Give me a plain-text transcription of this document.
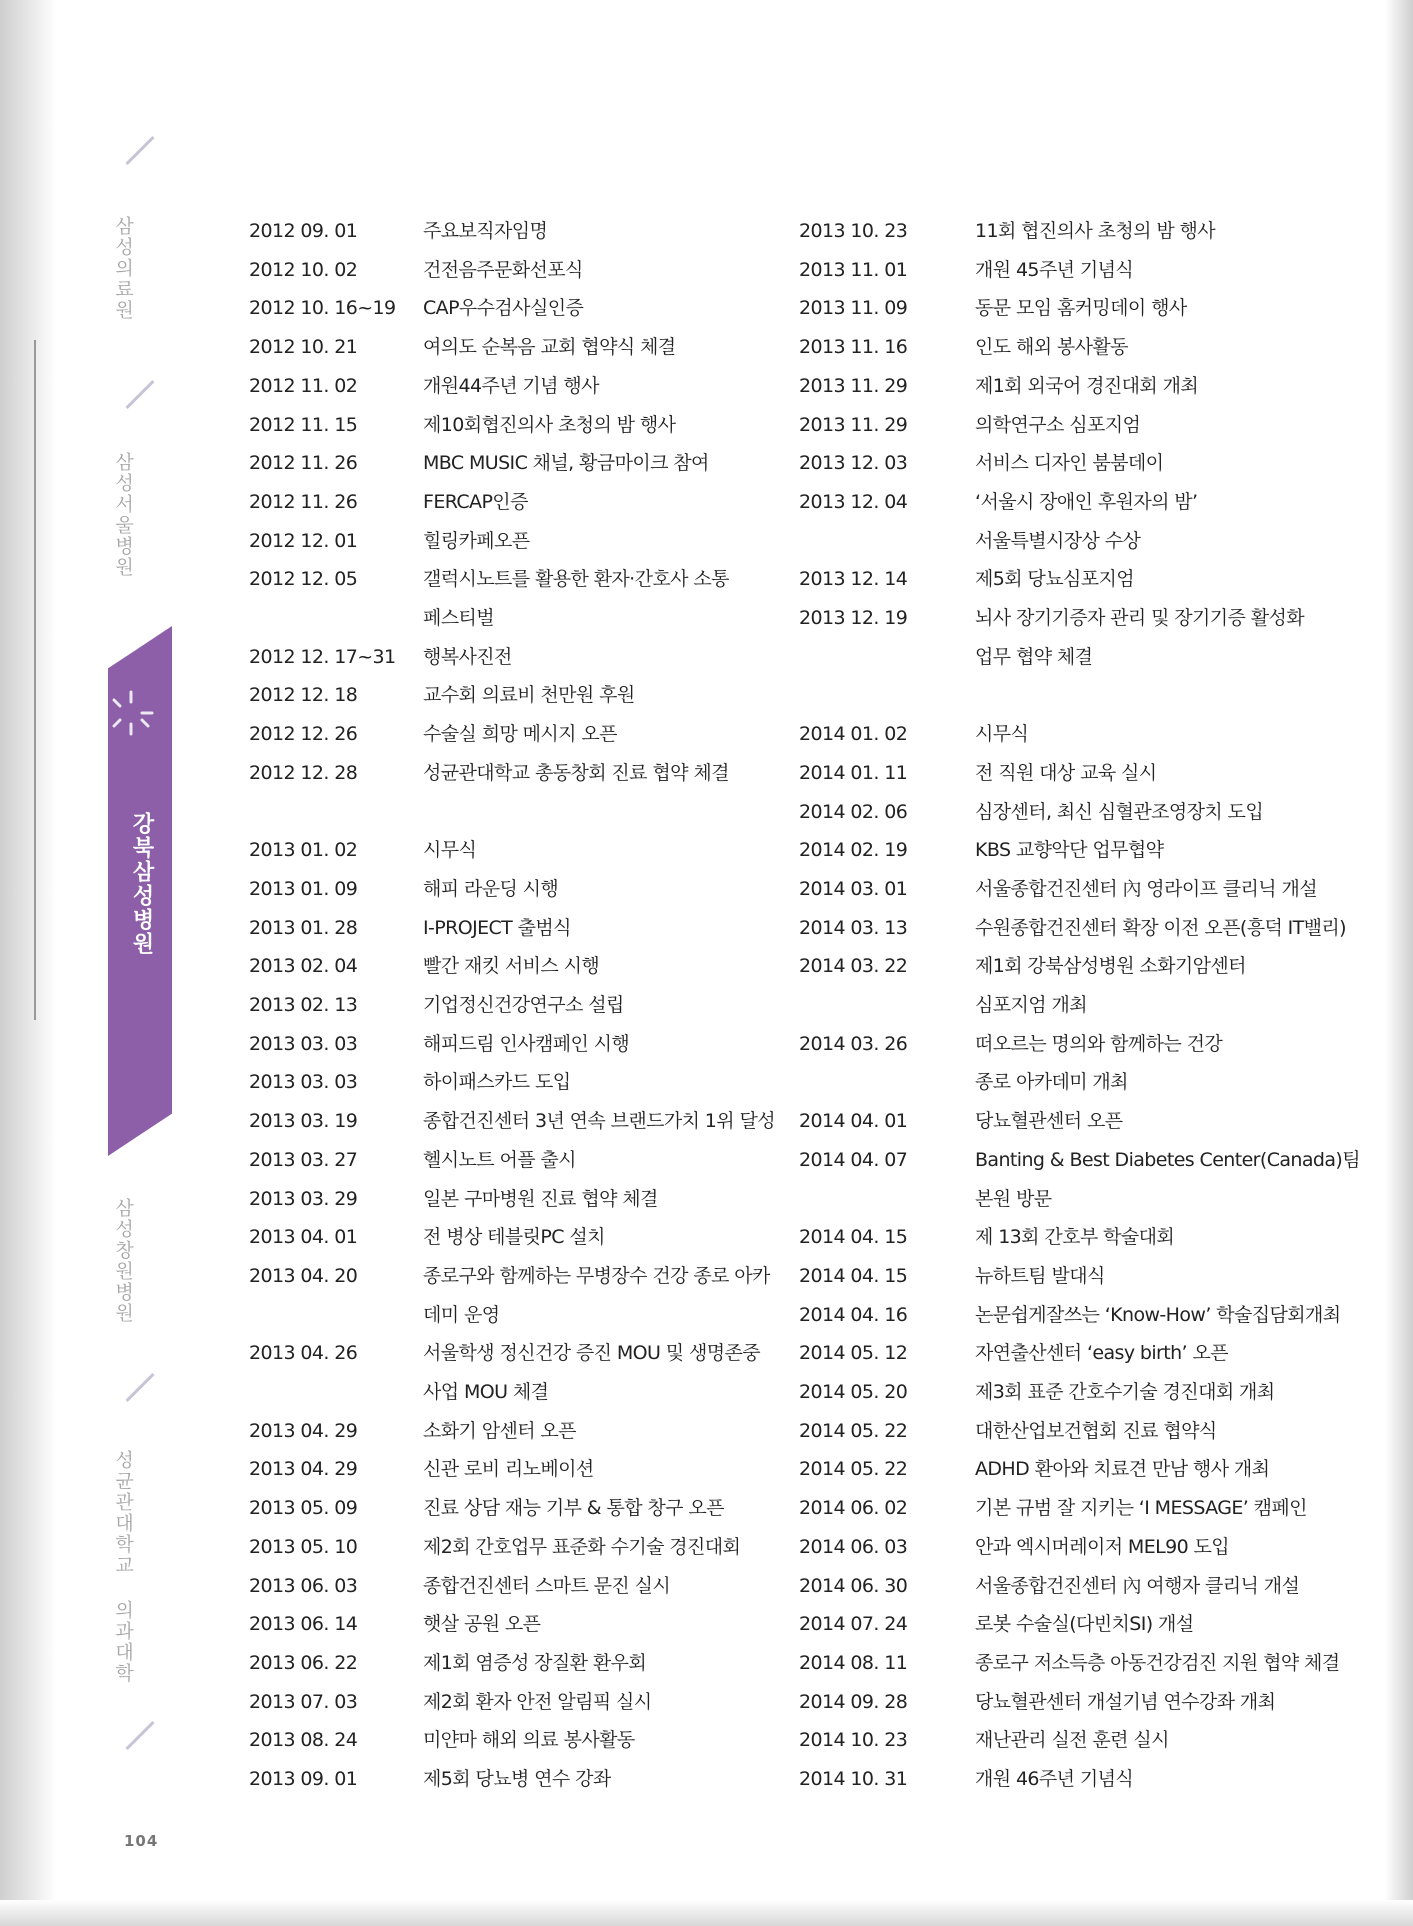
삼성의료원
삼성서울병원
강북삼성병원
삼성창원병원
성균관대학교 의과대학
104
2012 09. 01	주요보직자임명
2012 10. 02	건전음주문화선포식
2012 10. 16~19 CAP우수검사실인증
2012 10. 21	여의도 순복음 교회 협약식 체결
2012 11. 02	개원44주년 기념 행사
2012 11. 15	제10회협진의사 초청의 밤 행사
2012 11. 26	MBC MUSIC 채널, 황금마이크 참여
2012 11. 26	FERCAP인증
2012 12. 01	힐링카페오픈
2012 12. 05	갤럭시노트를 활용한 환자·간호사 소통
페스티벌
2012 12. 17~31 행복사진전
2012 12. 18	교수회 의료비 천만원 후원
2012 12. 26	수술실 희망 메시지 오픈
2012 12. 28	성균관대학교 총동창회 진료 협약 체결
2013 01. 02	시무식
2013 01. 09	해피 라운딩 시행
2013 01. 28	I-PROJECT 출범식
2013 02. 04	빨간 재킷 서비스 시행
2013 02. 13	기업정신건강연구소 설립
2013 03. 03	해피드림 인사캠페인 시행
2013 03. 03	하이패스카드 도입
2013 03. 19	종합건진센터 3년 연속 브랜드가치 1위 달성
2013 03. 27	헬시노트 어플 출시
2013 03. 29	일본 구마병원 진료 협약 체결
2013 04. 01	전 병상 테블릿PC 설치
2013 04. 20	종로구와 함께하는 무병장수 건강 종로 아카
데미 운영
2013 04. 26	서울학생 정신건강 증진 MOU 및 생명존중
사업 MOU 체결
2013 04. 29	소화기 암센터 오픈
2013 04. 29	신관 로비 리노베이션
2013 05. 09	진료 상담 재능 기부 & 통합 창구 오픈
2013 05. 10	제2회 간호업무 표준화 수기술 경진대회
2013 06. 03	종합건진센터 스마트 문진 실시
2013 06. 14	햇살 공원 오픈
2013 06. 22	제1회 염증성 장질환 환우회
2013 07. 03	제2회 환자 안전 알림픽 실시
2013 08. 24	미얀마 해외 의료 봉사활동
2013 09. 01	제5회 당뇨병 연수 강좌
2013 10. 23	11회 협진의사 초청의 밤 행사
2013 11. 01	개원 45주년 기념식
2013 11. 09	동문 모임 홈커밍데이 행사
2013 11. 16	인도 해외 봉사활동
2013 11. 29	제1회 외국어 경진대회 개최
2013 11. 29	의학연구소 심포지엄
2013 12. 03	서비스 디자인 붐붐데이
2013 12. 04	‘서울시 장애인 후원자의 밤’
서울특별시장상 수상
2013 12. 14	제5회 당뇨심포지엄
2013 12. 19	뇌사 장기기증자 관리 및 장기기증 활성화
업무 협약 체결
2014 01. 02	시무식
2014 01. 11	전 직원 대상 교육 실시
2014 02. 06	심장센터, 최신 심혈관조영장치 도입
2014 02. 19	KBS 교향악단 업무협약
2014 03. 01	서울종합건진센터 內 영라이프 클리닉 개설
2014 03. 13	수원종합건진센터 확장 이전 오픈(흥덕 IT밸리)
2014 03. 22	제1회 강북삼성병원 소화기암센터
심포지엄 개최
2014 03. 26	떠오르는 명의와 함께하는 건강
종로 아카데미 개최
2014 04. 01	당뇨혈관센터 오픈
2014 04. 07	Banting & Best Diabetes Center(Canada)팀
본원 방문
2014 04. 15	제 13회 간호부 학술대회
2014 04. 15	뉴하트팀 발대식
2014 04. 16	논문쉽게잘쓰는 ‘Know-How’ 학술집담회개최
2014 05. 12	자연출산센터 ‘easy birth’ 오픈
2014 05. 20	제3회 표준 간호수기술 경진대회 개최
2014 05. 22	대한산업보건협회 진료 협약식
2014 05. 22	ADHD 환아와 치료견 만남 행사 개최
2014 06. 02	기본 규범 잘 지키는 ‘I MESSAGE’ 캠페인
2014 06. 03	안과 엑시머레이저 MEL90 도입
2014 06. 30	서울종합건진센터 內 여행자 클리닉 개설
2014 07. 24	로봇 수술실(다빈치SI) 개설
2014 08. 11	종로구 저소득층 아동건강검진 지원 협약 체결
2014 09. 28	당뇨혈관센터 개설기념 연수강좌 개최
2014 10. 23	재난관리 실전 훈련 실시
2014 10. 31	개원 46주년 기념식
